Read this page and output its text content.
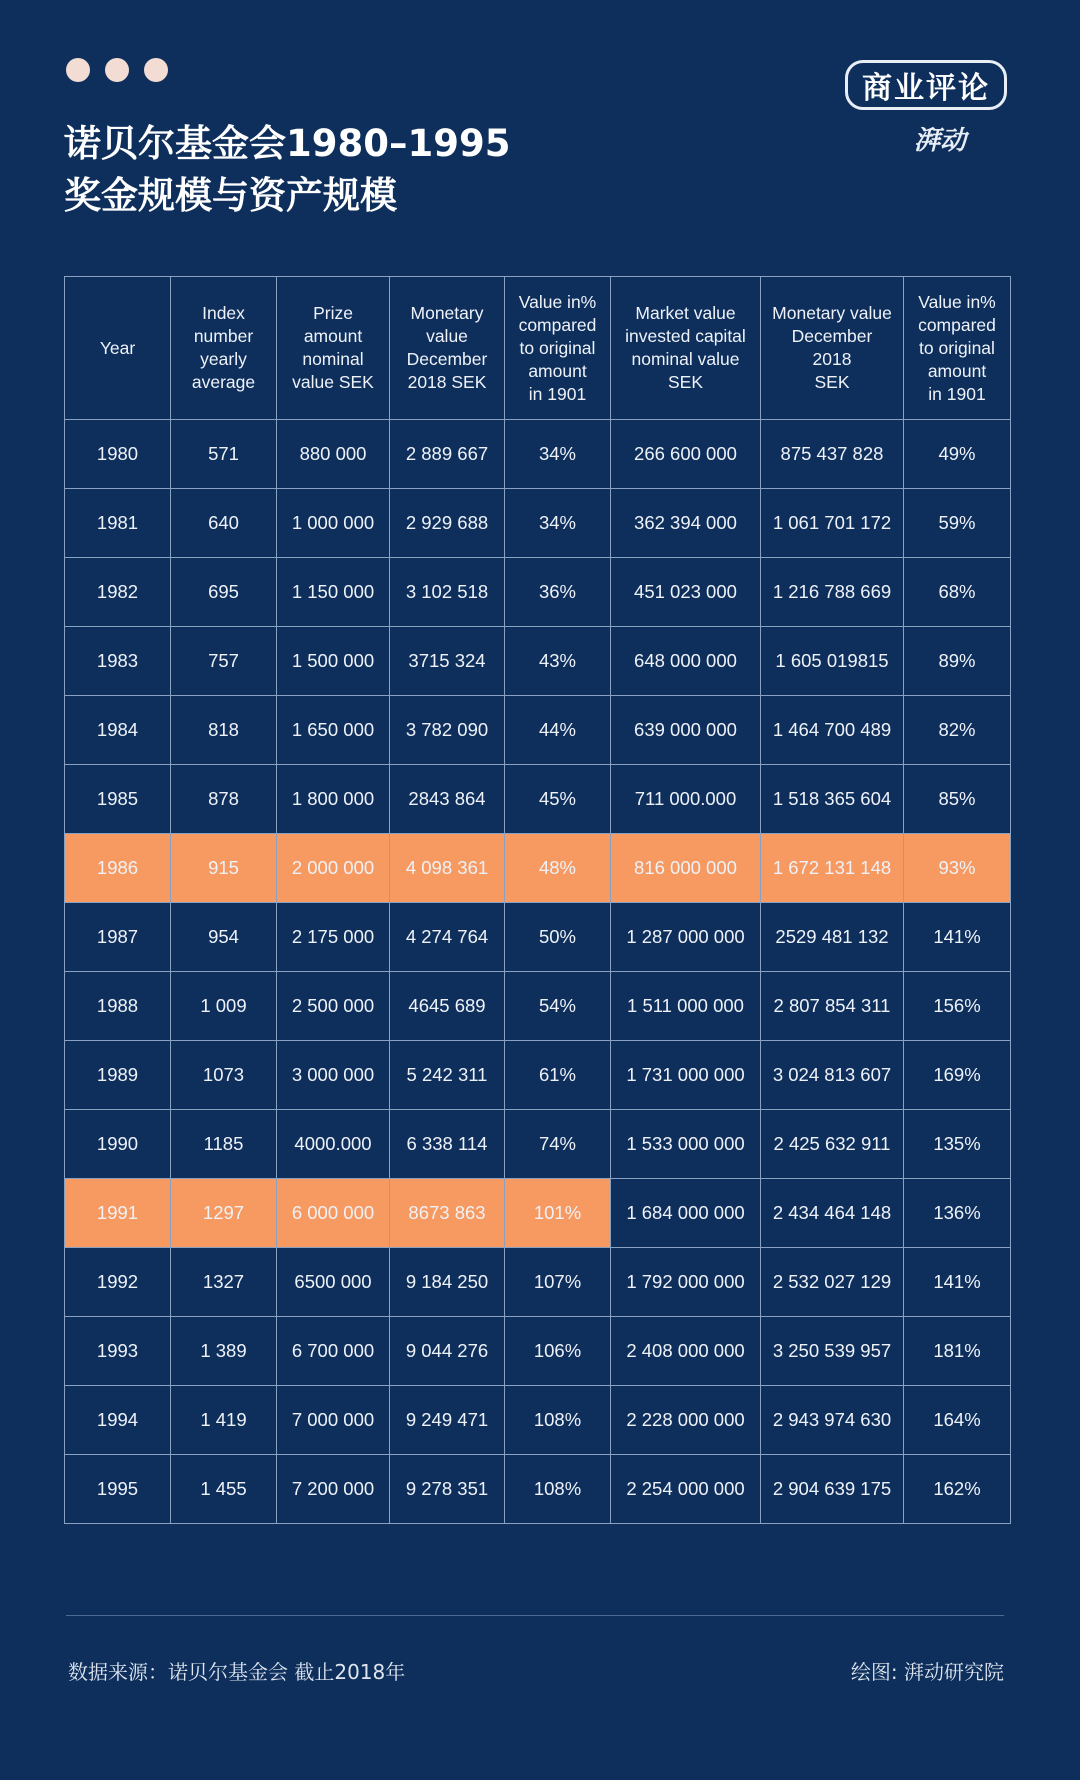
商业评论
湃动
诺贝尔基金会1980–1995
奖金规模与资产规模
Year	Index
number
yearly
average	Prize
amount
nominal
value SEK	Monetary
value
December
2018 SEK	Value in%
compared
to original
amount
in 1901	Market value
invested capital
nominal value
SEK	Monetary value
December
2018
SEK	Value in%
compared
to original
amount
in 1901
1980	571	880 000	2 889 667	34%	266 600 000	875 437 828	49%
1981	640	1 000 000	2 929 688	34%	362 394 000	1 061 701 172	59%
1982	695	1 150 000	3 102 518	36%	451 023 000	1 216 788 669	68%
1983	757	1 500 000	3715 324	43%	648 000 000	1 605 019815	89%
1984	818	1 650 000	3 782 090	44%	639 000 000	1 464 700 489	82%
1985	878	1 800 000	2843 864	45%	711 000.000	1 518 365 604	85%
1986	915	2 000 000	4 098 361	48%	816 000 000	1 672 131 148	93%
1987	954	2 175 000	4 274 764	50%	1 287 000 000	2529 481 132	141%
1988	1 009	2 500 000	4645 689	54%	1 511 000 000	2 807 854 311	156%
1989	1073	3 000 000	5 242 311	61%	1 731 000 000	3 024 813 607	169%
1990	1185	4000.000	6 338 114	74%	1 533 000 000	2 425 632 911	135%
1991	1297	6 000 000	8673 863	101%	1 684 000 000	2 434 464 148	136%
1992	1327	6500 000	9 184 250	107%	1 792 000 000	2 532 027 129	141%
1993	1 389	6 700 000	9 044 276	106%	2 408 000 000	3 250 539 957	181%
1994	1 419	7 000 000	9 249 471	108%	2 228 000 000	2 943 974 630	164%
1995	1 455	7 200 000	9 278 351	108%	2 254 000 000	2 904 639 175	162%
数据来源：诺贝尔基金会 截止2018年	绘图: 湃动研究院
